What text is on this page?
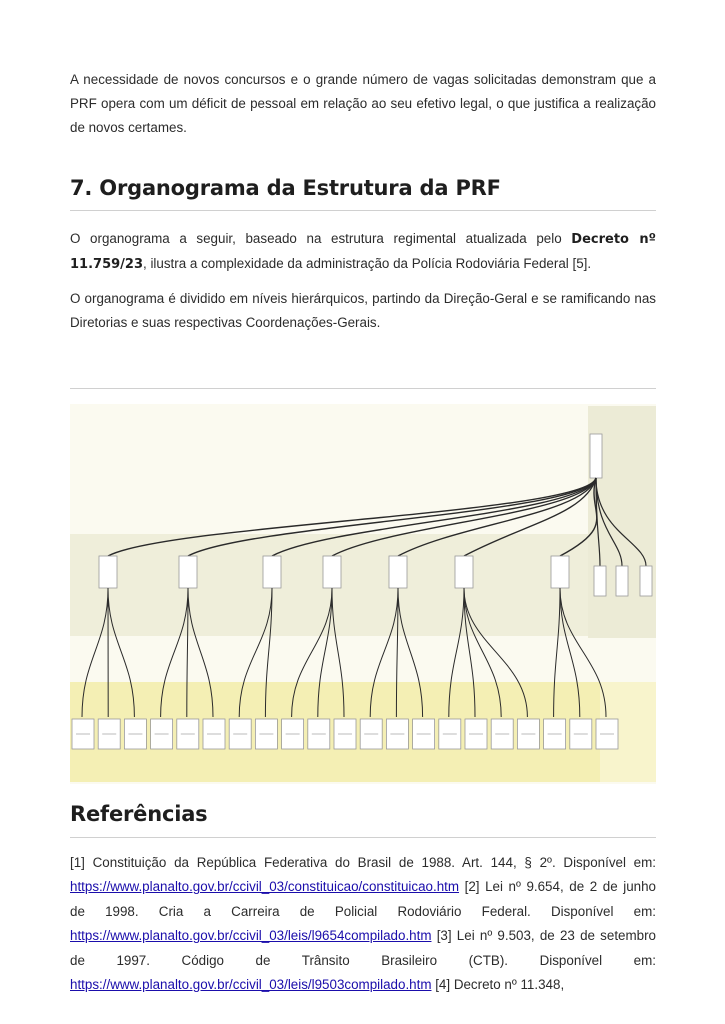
A necessidade de novos concursos e o grande número de vagas solicitadas demonstram que a PRF opera com um déficit de pessoal em relação ao seu efetivo legal, o que justifica a realização de novos certames.

7. Organograma da Estrutura da PRF

O organograma a seguir, baseado na estrutura regimental atualizada pelo Decreto nº 11.759/23, ilustra a complexidade da administração da Polícia Rodoviária Federal [5].

O organograma é dividido em níveis hierárquicos, partindo da Direção-Geral e se ramificando nas Diretorias e suas respectivas Coordenações-Gerais.

Referências

[1] Constituição da República Federativa do Brasil de 1988. Art. 144, § 2º. Disponível em: https://www.planalto.gov.br/ccivil_03/constituicao/constituicao.htm [2] Lei nº 9.654, de 2 de junho de 1998. Cria a Carreira de Policial Rodoviário Federal. Disponível em: https://www.planalto.gov.br/ccivil_03/leis/l9654compilado.htm [3] Lei nº 9.503, de 23 de setembro de 1997. Código de Trânsito Brasileiro (CTB). Disponível em: https://www.planalto.gov.br/ccivil_03/leis/l9503compilado.htm [4] Decreto nº 11.348,
